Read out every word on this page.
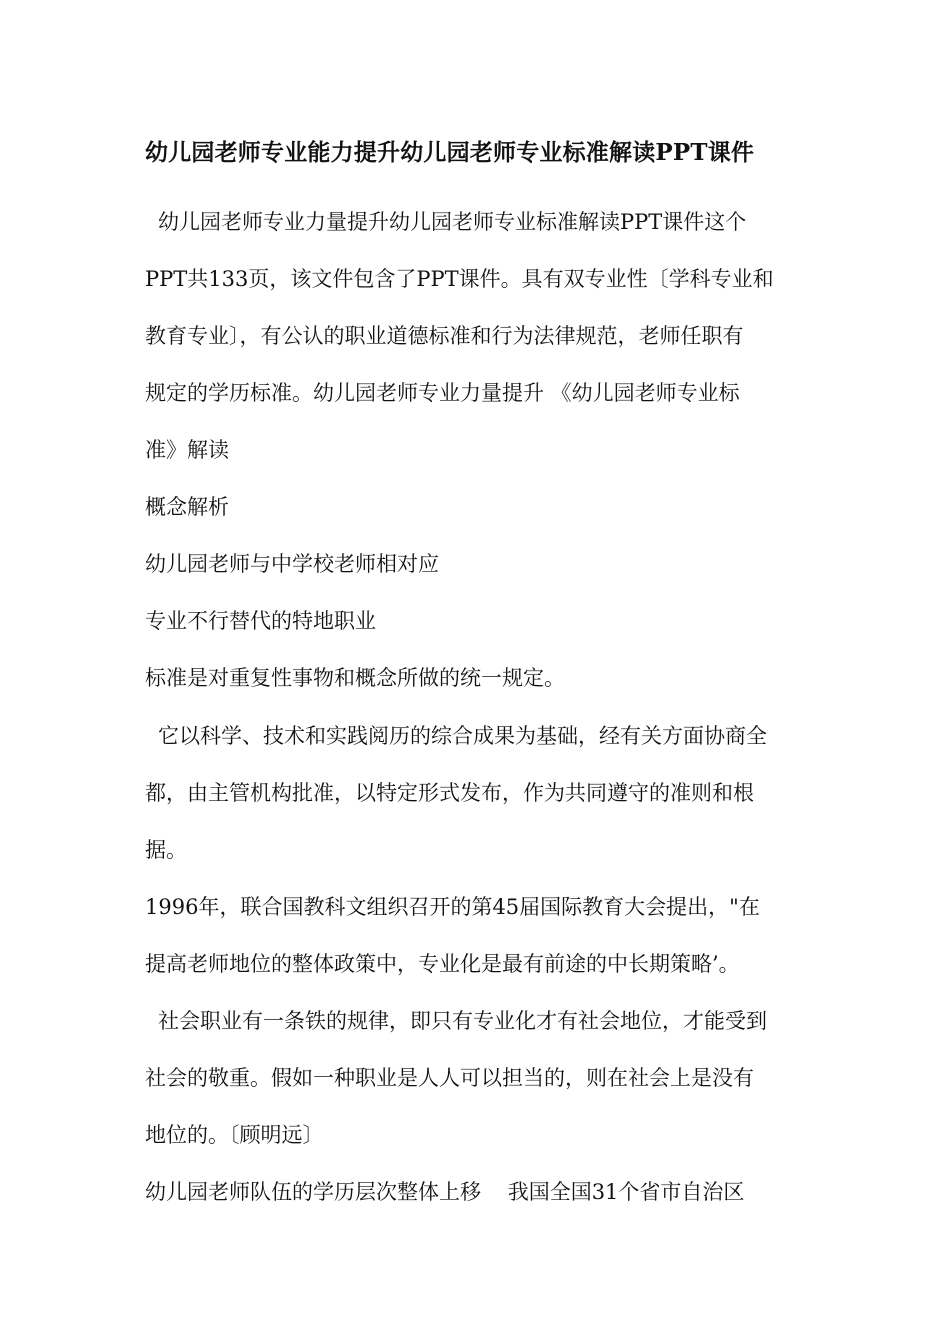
幼儿园老师专业能力提升幼儿园老师专业标准解读PPT课件
幼儿园老师专业力量提升幼儿园老师专业标准解读PPT课件这个
PPT共133页，该文件包含了PPT课件。具有双专业性〔学科专业和
教育专业〕，有公认的职业道德标准和行为法律规范，老师任职有
规定的学历标准。幼儿园老师专业力量提升 《幼儿园老师专业标
准》解读
概念解析
幼儿园老师与中学校老师相对应
专业不行替代的特地职业
标准是对重复性事物和概念所做的统一规定。
它以科学、技术和实践阅历的综合成果为基础，经有关方面协商全
都，由主管机构批准，以特定形式发布，作为共同遵守的准则和根
据。
1996年，联合国教科文组织召开的第45届国际教育大会提出，"在
提高老师地位的整体政策中，专业化是最有前途的中长期策略’。
社会职业有一条铁的规律，即只有专业化才有社会地位，才能受到
社会的敬重。假如一种职业是人人可以担当的，则在社会上是没有
地位的。〔顾明远〕
幼儿园老师队伍的学历层次整体上移    我国全国31个省市自治区
